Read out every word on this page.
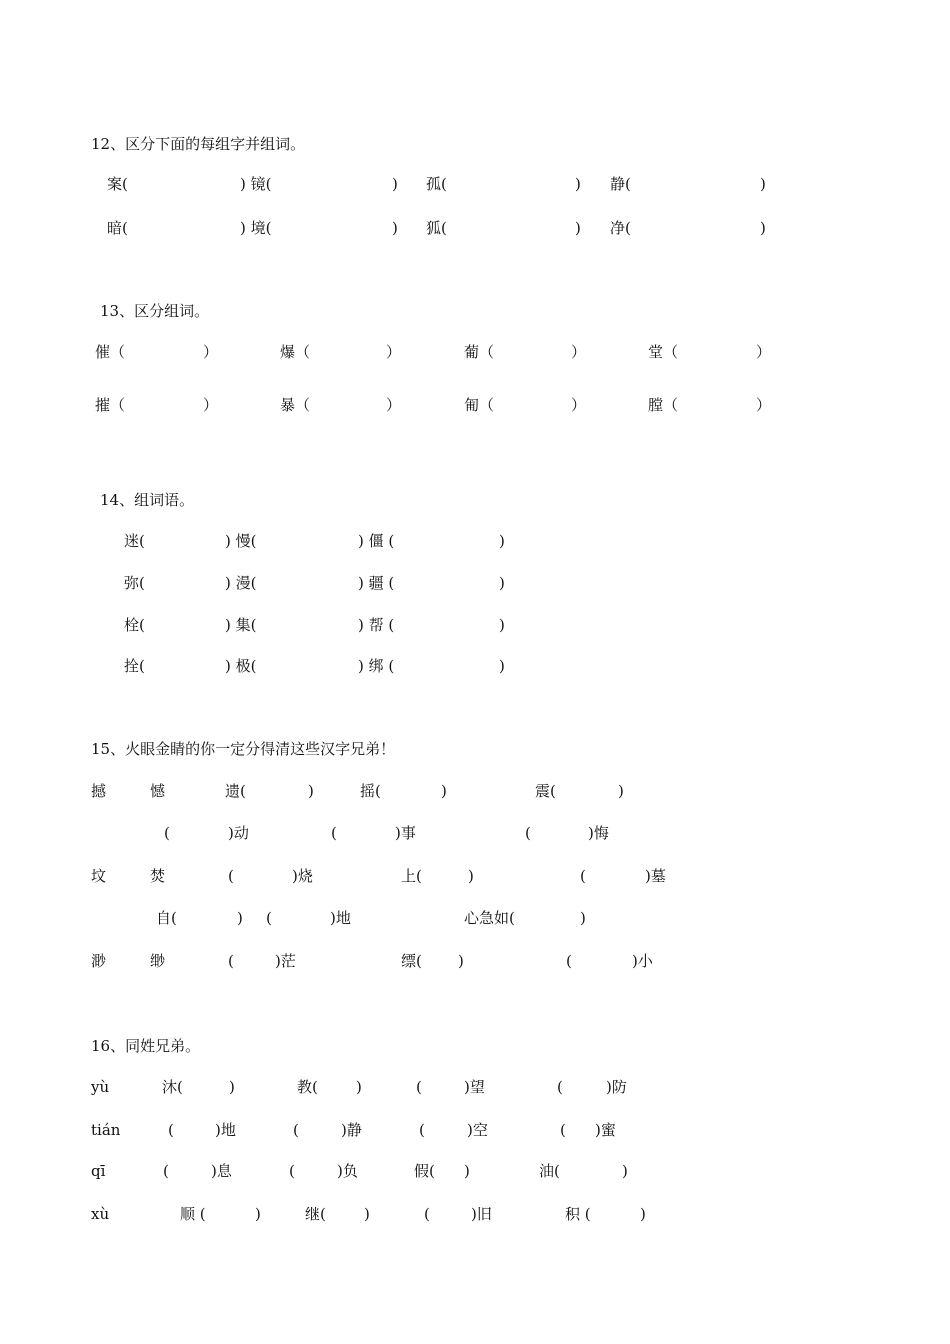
12、区分下面的每组字并组词。
案(	) 镜(	) 孤(	) 静(	)
暗(	) 境(	) 狐(	) 净(	)
13、区分组词。
催（	）	爆（	）	葡（	）	堂（	）
摧（	）	暴（	）	匍（	）	膛（	）
14、组词语。
迷(	) 慢(	) 僵 (	)
弥(	) 漫(	) 疆 (	)
栓(	) 集(	) 帮 (	)
拴(	) 极(	) 绑 (	)
15、火眼金睛的你一定分得清这些汉字兄弟！
撼	憾	遗(	)	摇(	)	震(	)
(	)动	(	)事	(	)悔
坟	焚	(	)烧	上(	)	(	)墓
自(	) (	)地	心急如(	)
渺	缈	(	)茫	缥( )	(	)小
16、同姓兄弟。
yù	沐(	)	教(	)	(	)望	(	)防
tián	(	)地	(	)静	(	)空	( )蜜
qī	(	)息	(	)负	假( )	油(	)
xù	顺 (	)	继(	)	(	)旧	积 (	)
